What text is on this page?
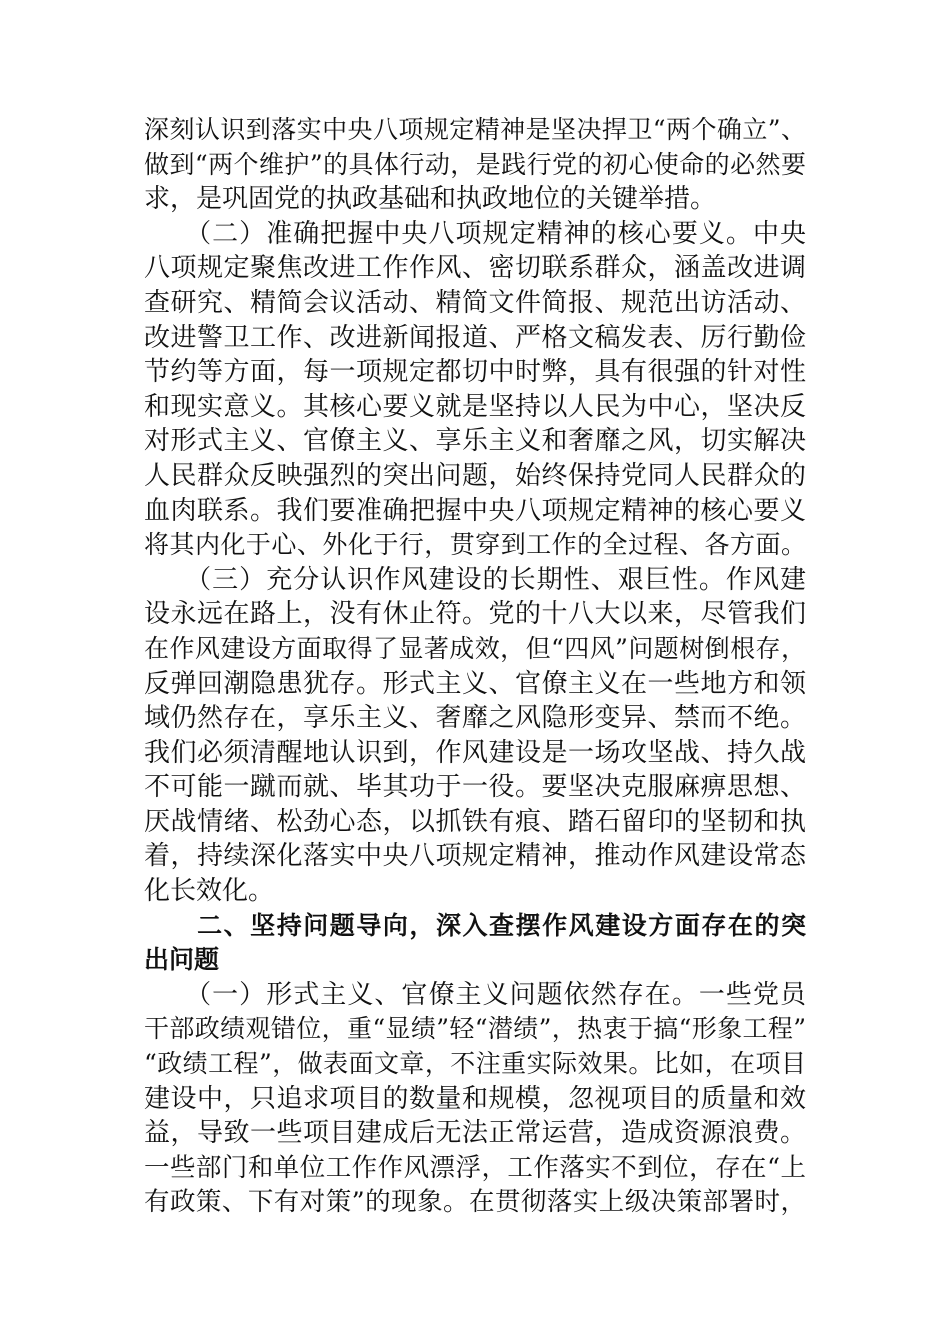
深刻认识到落实中央八项规定精神是坚决捍卫“两个确立”、
做到“两个维护”的具体行动，是践行党的初心使命的必然要
求，是巩固党的执政基础和执政地位的关键举措。
　　（二）准确把握中央八项规定精神的核心要义。中央
八项规定聚焦改进工作作风、密切联系群众，涵盖改进调
查研究、精简会议活动、精简文件简报、规范出访活动、
改进警卫工作、改进新闻报道、严格文稿发表、厉行勤俭
节约等方面，每一项规定都切中时弊，具有很强的针对性
和现实意义。其核心要义就是坚持以人民为中心，坚决反
对形式主义、官僚主义、享乐主义和奢靡之风，切实解决
人民群众反映强烈的突出问题，始终保持党同人民群众的
血肉联系。我们要准确把握中央八项规定精神的核心要义
将其内化于心、外化于行，贯穿到工作的全过程、各方面。
　　（三）充分认识作风建设的长期性、艰巨性。作风建
设永远在路上，没有休止符。党的十八大以来，尽管我们
在作风建设方面取得了显著成效，但“四风”问题树倒根存，
反弹回潮隐患犹存。形式主义、官僚主义在一些地方和领
域仍然存在，享乐主义、奢靡之风隐形变异、禁而不绝。
我们必须清醒地认识到，作风建设是一场攻坚战、持久战
不可能一蹴而就、毕其功于一役。要坚决克服麻痹思想、
厌战情绪、松劲心态，以抓铁有痕、踏石留印的坚韧和执
着，持续深化落实中央八项规定精神，推动作风建设常态
化长效化。
　　二、坚持问题导向，深入查摆作风建设方面存在的突
出问题
　　（一）形式主义、官僚主义问题依然存在。一些党员
干部政绩观错位，重“显绩”轻“潜绩”，热衷于搞“形象工程”
“政绩工程”，做表面文章，不注重实际效果。比如，在项目
建设中，只追求项目的数量和规模，忽视项目的质量和效
益，导致一些项目建成后无法正常运营，造成资源浪费。
一些部门和单位工作作风漂浮，工作落实不到位，存在“上
有政策、下有对策”的现象。在贯彻落实上级决策部署时，
